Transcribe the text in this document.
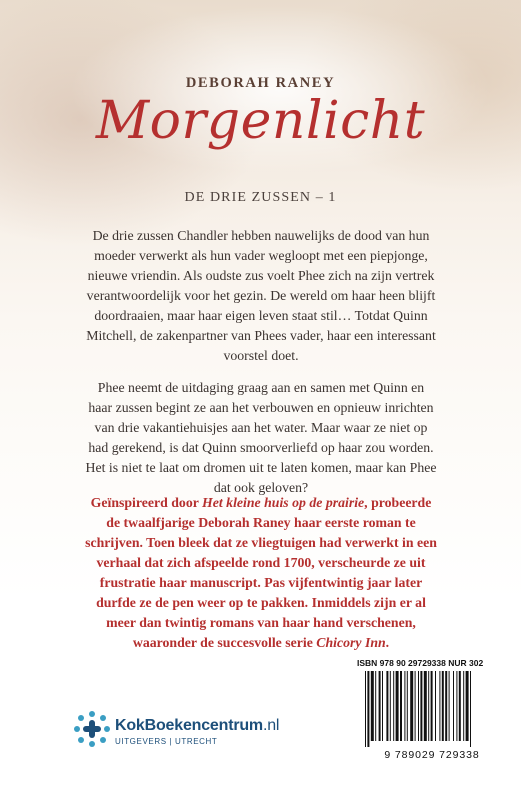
DEBORAH RANEY
Morgenlicht
DE DRIE ZUSSEN – 1

De drie zussen Chandler hebben nauwelijks de dood van hun moeder verwerkt als hun vader wegloopt met een piepjonge, nieuwe vriendin. Als oudste zus voelt Phee zich na zijn vertrek verantwoordelijk voor het gezin. De wereld om haar heen blijft doordraaien, maar haar eigen leven staat stil… Totdat Quinn Mitchell, de zakenpartner van Phees vader, haar een interessant voorstel doet.

Phee neemt de uitdaging graag aan en samen met Quinn en haar zussen begint ze aan het verbouwen en opnieuw inrichten van drie vakantiehuisjes aan het water. Maar waar ze niet op had gerekend, is dat Quinn smoorverliefd op haar zou worden. Het is niet te laat om dromen uit te laten komen, maar kan Phee dat ook geloven?

Geïnspireerd door Het kleine huis op de prairie, probeerde de twaalfjarige Deborah Raney haar eerste roman te schrijven. Toen bleek dat ze vliegtuigen had verwerkt in een verhaal dat zich afspeelde rond 1700, verscheurde ze uit frustratie haar manuscript. Pas vijfentwintig jaar later durfde ze de pen weer op te pakken. Inmiddels zijn er al meer dan twintig romans van haar hand verschenen, waaronder de succesvolle serie Chicory Inn.

ISBN 978 90 29729338 NUR 302
9 789029 729338
KokBoekencentrum.nl
UITGEVERS | UTRECHT
